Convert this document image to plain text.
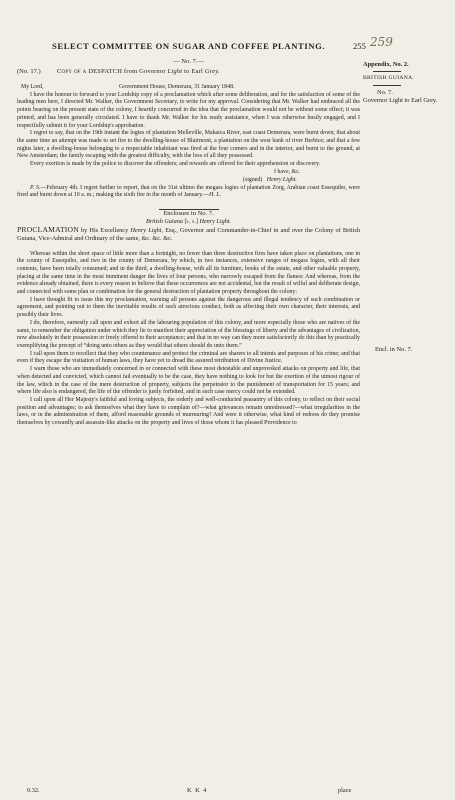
SELECT COMMITTEE ON SUGAR AND COFFEE PLANTING.	255 259
Appendix, No. 2.
BRITISH GUIANA.
No. 7.
Governor Light to Earl Grey.
Encl. in No. 7.

— No. 7.—

(No. 17.)	Copy of a DESPATCH from Governor Light to Earl Grey.
My Lord,	Government House, Demerara, 31 January 1848.

I have the honour to forward to your Lordship copy of a proclamation which after some deliberation, and for the satisfaction of some of the leading men here, I directed Mr. Walker, the Government Secretary, to write for my approval. Considering that Mr. Walker had embraced all the points bearing on the present state of the colony, I heartily concurred in the idea that the proclamation would not be without some effect; it was printed, and has been generally circulated. I have to thank Mr. Walker for his ready assistance, when I was otherwise busily engaged, and I respectfully submit it for your Lordship's approbation.

I regret to say, that on the 19th instant the logies of plantation Melleville, Mahaica River, east coast Demerara, were burnt down; that about the same time an attempt was made to set fire to the dwelling-house of Blairmont, a plantation on the west bank of river Berbice; and that a few nights later, a dwelling-house belonging to a respectable inhabitant was fired at the four corners and in the interior, and burnt to the ground, at New Amsterdam; the family escaping with the greatest difficulty, with the loss of all they possessed.

Every exertion is made by the police to discover the offenders; and rewards are offered for their apprehension or discovery.

I have, &c.
(signed) Henry Light.

P. S.—February 4th. I regret further to report, that on the 31st ultimo the megass logies of plantation Zorg, Arabian coast Essequibo, were fired and burnt down at 10 a. m.; making the sixth fire in the month of January.—H. L.

Enclosure in No. 7.

British Guiana [l. s.] Henry Light.

PROCLAMATION by His Excellency Henry Light, Esq., Governor and Commander-in-Chief in and over the Colony of British Guiana, Vice-Admiral and Ordinary of the same, &c. &c. &c.

Whereas within the short space of little more than a fortnight, no fewer than three destructive fires have taken place on plantations, one in the county of Essequibo, and two in the county of Demerara, by which, in two instances, extensive ranges of megass logies, with all their contents, have been totally consumed; and in the third, a dwelling-house, with all its furniture, books of the estate, and other valuable property, placing at the same time in the most imminent danger the lives of four persons, who narrowly escaped from the flames: And whereas, from the evidence already obtained, there is every reason to believe that these occurrences are not accidental, but the result of wilful and deliberate design, and connected with some plan or combination for the general destruction of plantation property throughout the colony:

I have thought fit to issue this my proclamation, warning all persons against the dangerous and illegal tendency of such combination or agreement, and pointing out to them the inevitable results of such atrocious conduct, both as affecting their own character, their interests, and possibly their lives.

I do, therefore, earnestly call upon and exhort all the labouring population of this colony, and more especially those who are natives of the same, to remember the obligation under which they lie to manifest their appreciation of the blessings of liberty and the advantages of civilization, now absolutely in their possession or freely offered to their acceptance; and that in no way can they more satisfactorily do this than by practically exemplifying the precept of “doing unto others as they would that others should do unto them.”

I call upon them to recollect that they who countenance and protect the criminal are sharers to all intents and purposes of his crime; and that even if they escape the visitation of human laws, they have yet to dread the assured retribution of Divine Justice.

I warn those who are immediately concerned in or connected with these most detestable and unprovoked attacks on property and life, that when detected and convicted, which cannot fail eventually to be the case, they have nothing to look for but the exertion of the utmost rigour of the law, which in the case of the mere destruction of property, subjects the perpetrator to the punishment of transportation for 15 years; and where life also is endangered, the life of the offender is justly forfeited, and in such case mercy could not be extended.

I call upon all Her Majesty's faithful and loving subjects, the orderly and well-conducted peasantry of this colony, to reflect on their social position and advantages; to ask themselves what they have to complain of?—what grievances remain unredressed?—what irregularities in the laws, or in the administration of them, afford reasonable grounds of murmuring? And were it otherwise, what kind of redress do they promise themselves by cowardly and assassin-like attacks on the property and lives of those whom it has pleased Providence to

0.32.	K K 4	place
